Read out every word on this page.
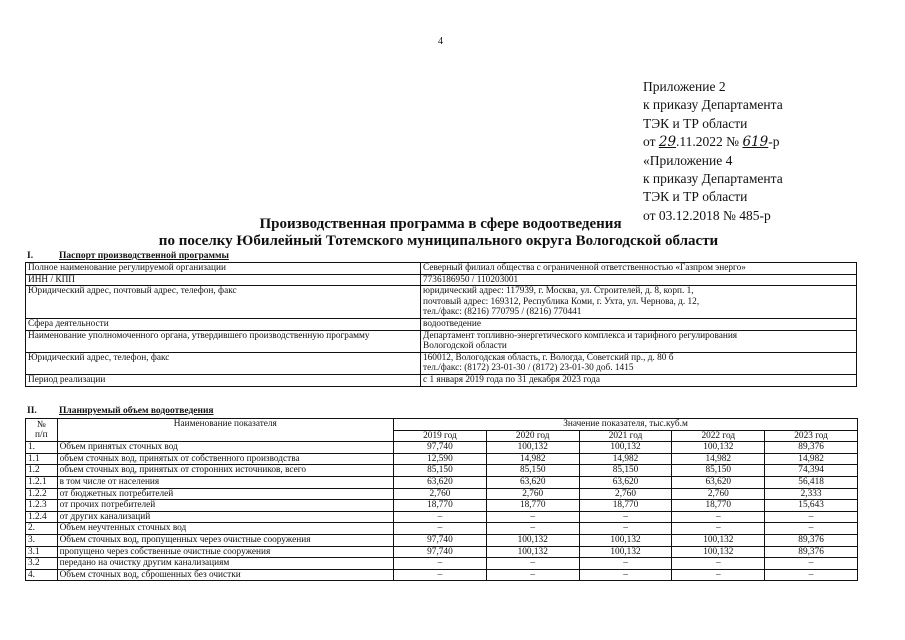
4
Приложение 2
к приказу Департамента
ТЭК и ТР области
от 29.11.2022 № 619-р
«Приложение 4
к приказу Департамента
ТЭК и ТР области
от 03.12.2018 № 485-р
Производственная программа в сфере водоотведения
по поселку Юбилейный Тотемского муниципального округа Вологодской области
I.	Паспорт производственной программы
Полное наименование регулируемой организации	Северный филиал общества с ограниченной ответственностью «Газпром энерго»

ИНН / КПП	7736186950 / 110203001

Юридический адрес, почтовый адрес, телефон, факс	юридический адрес: 117939, г. Москва, ул. Строителей, д. 8, корп. 1,
почтовый адрес: 169312, Республика Коми, г. Ухта, ул. Чернова, д. 12,
тел./факс: (8216) 770795 / (8216) 770441

Сфера деятельности	водоотведение

Наименование уполномоченного органа, утвердившего производственную программу	Департамент топливно-энергетического комплекса и тарифного регулирования
Вологодской области

Юридический адрес, телефон, факс	160012, Вологодская область, г. Вологда, Советский пр., д. 80 б
тел./факс: (8172) 23-01-30 / (8172) 23-01-30 доб. 1415

Период реализации	с 1 января 2019 года по 31 декабря 2023 года
II. Планируемый объем водоотведения
№
п/п	Наименование показателя	Значение показателя, тыс.куб.м				
		2019 год	2020 год	2021 год	2022 год	2023 год
1.	Объем принятых сточных вод	97,740	100,132	100,132	100,132	89,376
1.1	объем сточных вод, принятых от собственного производства	12,590	14,982	14,982	14,982	14,982
1.2	объем сточных вод, принятых от сторонних источников, всего	85,150	85,150	85,150	85,150	74,394
1.2.1	в том числе от населения	63,620	63,620	63,620	63,620	56,418
1.2.2	от бюджетных потребителей	2,760	2,760	2,760	2,760	2,333
1.2.3	от прочих потребителей	18,770	18,770	18,770	18,770	15,643
1.2.4	от других канализаций	–	–	–	–	–
2.	Объем неучтенных сточных вод	–	–	–	–	–
3.	Объем сточных вод, пропущенных через очистные сооружения	97,740	100,132	100,132	100,132	89,376
3.1	пропущено через собственные очистные сооружения	97,740	100,132	100,132	100,132	89,376
3.2	передано на очистку другим канализациям	–	–	–	–	–
4.	Объем сточных вод, сброшенных без очистки	–	–	–	–	–
